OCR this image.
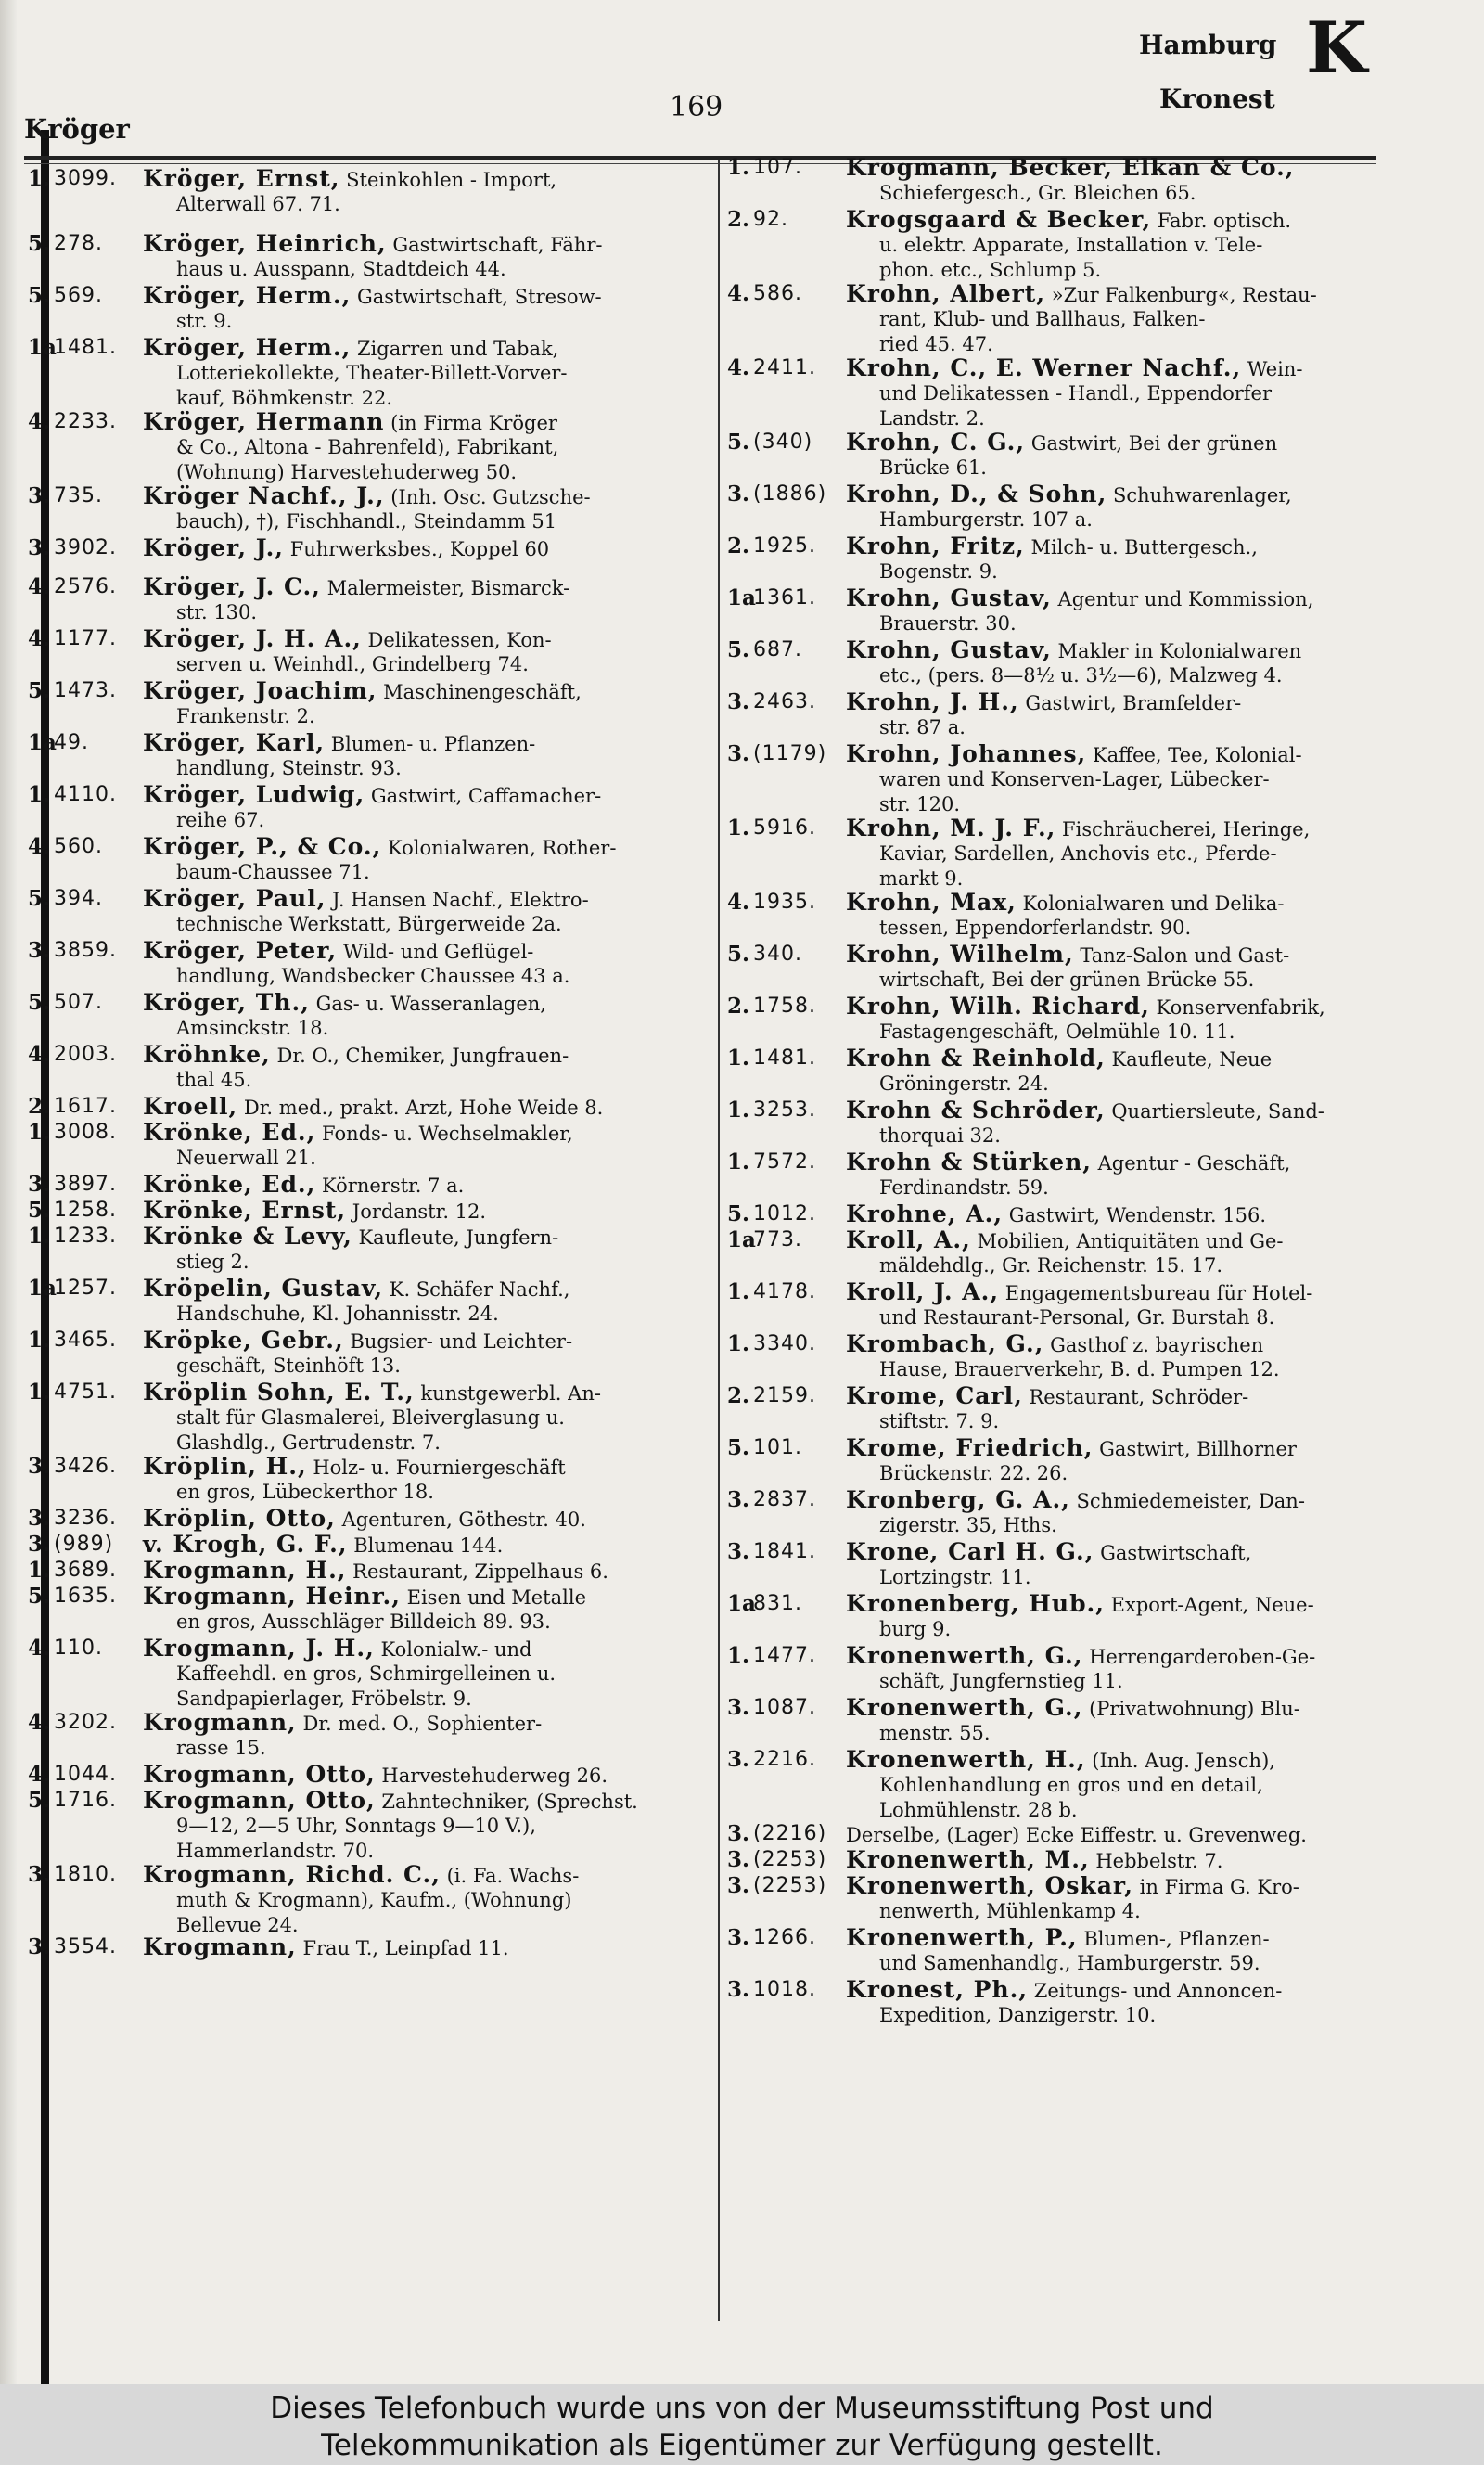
Kröger
169
Hamburg K
Kronest
1. 3099. Kröger, Ernst, Steinkohlen - Import,
Alterwall 67. 71.
5. 278. Kröger, Heinrich, Gastwirtschaft, Fähr-
haus u. Ausspann, Stadtdeich 44.
5. 569. Kröger, Herm., Gastwirtschaft, Stresow-
str. 9.
1a
1481. Kröger, Herm., Zigarren und Tabak,
Lotteriekollekte, Theater-Billett-Vorver-
kauf, Böhmkenstr. 22.
4. 2233. Kröger, Hermann (in Firma Kröger
& Co., Altona - Bahrenfeld), Fabrikant,
(Wohnung) Harvestehuderweg 50.
3. 735. Kröger Nachf., J., (Inh. Osc. Gutzsche-
bauch), †), Fischhandl., Steindamm 51
3. 3902. Kröger, J., Fuhrwerksbes., Koppel 60
4. 2576. Kröger, J. C., Malermeister, Bismarck-
str. 130.
4. 1177. Kröger, J. H. A., Delikatessen, Kon-
serven u. Weinhdl., Grindelberg 74.
5. 1473. Kröger, Joachim, Maschinengeschäft,
Frankenstr. 2.
1a
49. Kröger, Karl, Blumen- u. Pflanzen-
handlung, Steinstr. 93.
1. 4110. Kröger, Ludwig, Gastwirt, Caffamacher-
reihe 67.
4. 560. Kröger, P., & Co., Kolonialwaren, Rother-
baum-Chaussee 71.
5. 394. Kröger, Paul, J. Hansen Nachf., Elektro-
technische Werkstatt, Bürgerweide 2a.
3. 3859. Kröger, Peter, Wild- und Geflügel-
handlung, Wandsbecker Chaussee 43 a.
5. 507. Kröger, Th., Gas- u. Wasseranlagen,
Amsinckstr. 18.
4. 2003. Kröhnke, Dr. O., Chemiker, Jungfrauen-
thal 45.
2. 1617. Kroell, Dr. med., prakt. Arzt, Hohe Weide 8.
1. 3008. Krönke, Ed., Fonds- u. Wechselmakler,
Neuerwall 21.
3. 3897. Krönke, Ed., Körnerstr. 7 a.
5. 1258. Krönke, Ernst, Jordanstr. 12.
1. 1233. Krönke & Levy, Kaufleute, Jungfern-
stieg 2.
1a
1257. Kröpelin, Gustav, K. Schäfer Nachf.,
Handschuhe, Kl. Johannisstr. 24.
1. 3465. Kröpke, Gebr., Bugsier- und Leichter-
geschäft, Steinhöft 13.
1. 4751. Kröplin Sohn, E. T., kunstgewerbl. An-
stalt für Glasmalerei, Bleiverglasung u.
Glashdlg., Gertrudenstr. 7.
3. 3426. Kröplin, H., Holz- u. Fourniergeschäft
en gros, Lübeckerthor 18.
3. 3236. Kröplin, Otto, Agenturen, Göthestr. 40.
3. (989) v. Krogh, G. F., Blumenau 144.
1. 3689. Krogmann, H., Restaurant, Zippelhaus 6.
5. 1635. Krogmann, Heinr., Eisen und Metalle
en gros, Ausschläger Billdeich 89. 93.
4. 110. Krogmann, J. H., Kolonialw.- und
Kaffeehdl. en gros, Schmirgelleinen u.
Sandpapierlager, Fröbelstr. 9.
4. 3202. Krogmann, Dr. med. O., Sophienter-
rasse 15.
4. 1044. Krogmann, Otto, Harvestehuderweg 26.
5. 1716. Krogmann, Otto, Zahntechniker, (Sprechst.
9—12, 2—5 Uhr, Sonntags 9—10 V.),
Hammerlandstr. 70.
3. 1810. Krogmann, Richd. C., (i. Fa. Wachs-
muth & Krogmann), Kaufm., (Wohnung)
Bellevue 24.
3. 3554. Krogmann, Frau T., Leinpfad 11.
1. 107. Krogmann, Becker, Elkan & Co.,
Schiefergesch., Gr. Bleichen 65.
2. 92. Krogsgaard & Becker, Fabr. optisch.
u. elektr. Apparate, Installation v. Tele-
phon. etc., Schlump 5.
4. 586. Krohn, Albert, »Zur Falkenburg«, Restau-
rant, Klub- und Ballhaus, Falken-
ried 45. 47.
4. 2411. Krohn, C., E. Werner Nachf., Wein-
und Delikatessen - Handl., Eppendorfer
Landstr. 2.
5. (340) Krohn, C. G., Gastwirt, Bei der grünen
Brücke 61.
3. (1886) Krohn, D., & Sohn, Schuhwarenlager,
Hamburgerstr. 107 a.
2. 1925. Krohn, Fritz, Milch- u. Buttergesch.,
Bogenstr. 9.
1a
1361. Krohn, Gustav, Agentur und Kommission,
Brauerstr. 30.
5. 687. Krohn, Gustav, Makler in Kolonialwaren
etc., (pers. 8—8½ u. 3½—6), Malzweg 4.
3. 2463. Krohn, J. H., Gastwirt, Bramfelder-
str. 87 a.
3. (1179) Krohn, Johannes, Kaffee, Tee, Kolonial-
waren und Konserven-Lager, Lübecker-
str. 120.
1. 5916. Krohn, M. J. F., Fischräucherei, Heringe,
Kaviar, Sardellen, Anchovis etc., Pferde-
markt 9.
4. 1935. Krohn, Max, Kolonialwaren und Delika-
tessen, Eppendorferlandstr. 90.
5. 340. Krohn, Wilhelm, Tanz-Salon und Gast-
wirtschaft, Bei der grünen Brücke 55.
2. 1758. Krohn, Wilh. Richard, Konservenfabrik,
Fastagengeschäft, Oelmühle 10. 11.
1. 1481. Krohn & Reinhold, Kaufleute, Neue
Gröningerstr. 24.
1. 3253. Krohn & Schröder, Quartiersleute, Sand-
thorquai 32.
1. 7572. Krohn & Stürken, Agentur - Geschäft,
Ferdinandstr. 59.
5. 1012. Krohne, A., Gastwirt, Wendenstr. 156.
1a
773. Kroll, A., Mobilien, Antiquitäten und Ge-
mäldehdlg., Gr. Reichenstr. 15. 17.
1. 4178. Kroll, J. A., Engagementsbureau für Hotel-
und Restaurant-Personal, Gr. Burstah 8.
1. 3340. Krombach, G., Gasthof z. bayrischen
Hause, Brauerverkehr, B. d. Pumpen 12.
2. 2159. Krome, Carl, Restaurant, Schröder-
stiftstr. 7. 9.
5. 101. Krome, Friedrich, Gastwirt, Billhorner
Brückenstr. 22. 26.
3. 2837. Kronberg, G. A., Schmiedemeister, Dan-
zigerstr. 35, Hths.
3. 1841. Krone, Carl H. G., Gastwirtschaft,
Lortzingstr. 11.
1a
831. Kronenberg, Hub., Export-Agent, Neue-
burg 9.
1. 1477. Kronenwerth, G., Herrengarderoben-Ge-
schäft, Jungfernstieg 11.
3. 1087. Kronenwerth, G., (Privatwohnung) Blu-
menstr. 55.
3. 2216. Kronenwerth, H., (Inh. Aug. Jensch),
Kohlenhandlung en gros und en detail,
Lohmühlenstr. 28 b.
3. (2216) Derselbe, (Lager) Ecke Eiffestr. u. Grevenweg.
3. (2253) Kronenwerth, M., Hebbelstr. 7.
3. (2253) Kronenwerth, Oskar, in Firma G. Kro-
nenwerth, Mühlenkamp 4.
3. 1266. Kronenwerth, P., Blumen-, Pflanzen-
und Samenhandlg., Hamburgerstr. 59.
3. 1018. Kronest, Ph., Zeitungs- und Annoncen-
Expedition, Danzigerstr. 10.
Dieses Telefonbuch wurde uns von der Museumsstiftung Post und
Telekommunikation als Eigentümer zur Verfügung gestellt.
